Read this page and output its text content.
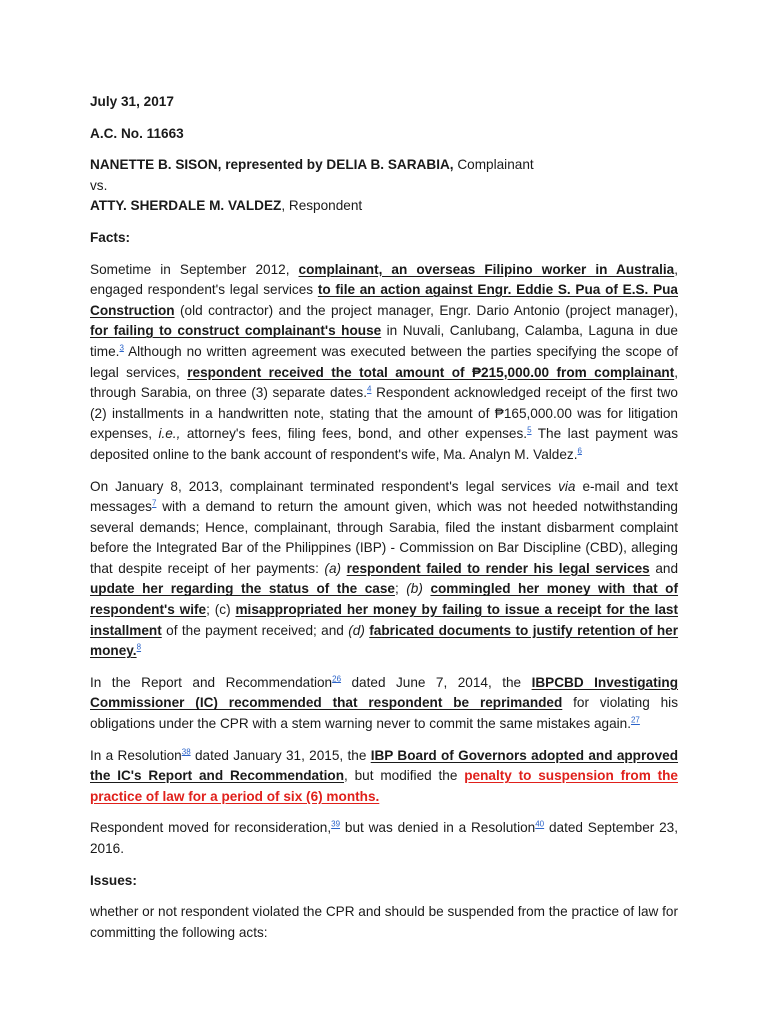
July 31, 2017

A.C. No. 11663

NANETTE B. SISON, represented by DELIA B. SARABIA, Complainant

vs.

ATTY. SHERDALE M. VALDEZ, Respondent

Facts:

Sometime in September 2012, complainant, an overseas Filipino worker in Australia, engaged respondent's legal services to file an action against Engr. Eddie S. Pua of E.S. Pua Construction (old contractor) and the project manager, Engr. Dario Antonio (project manager), for failing to construct complainant's house in Nuvali, Canlubang, Calamba, Laguna in due time.$^3$ Although no written agreement was executed between the parties specifying the scope of legal services, respondent received the total amount of ₱215,000.00 from complainant, through Sarabia, on three (3) separate dates.$^4$ Respondent acknowledged receipt of the first two (2) installments in a handwritten note, stating that the amount of ₱165,000.00 was for litigation expenses, i.e., attorney's fees, filing fees, bond, and other expenses.$^5$ The last payment was deposited online to the bank account of respondent's wife, Ma. Analyn M. Valdez.$^6$

On January 8, 2013, complainant terminated respondent's legal services via e-mail and text messages$^7$ with a demand to return the amount given, which was not heeded notwithstanding several demands; Hence, complainant, through Sarabia, filed the instant disbarment complaint before the Integrated Bar of the Philippines (IBP) - Commission on Bar Discipline (CBD), alleging that despite receipt of her payments: (a) respondent failed to render his legal services and update her regarding the status of the case; (b) commingled her money with that of respondent's wife; (c) misappropriated her money by failing to issue a receipt for the last installment of the payment received; and (d) fabricated documents to justify retention of her money.$^8$

In the Report and Recommendation$^{26}$ dated June 7, 2014, the IBPCBD Investigating Commissioner (IC) recommended that respondent be reprimanded for violating his obligations under the CPR with a stem warning never to commit the same mistakes again.$^{27}$

In a Resolution$^{38}$ dated January 31, 2015, the IBP Board of Governors adopted and approved the IC's Report and Recommendation, but modified the penalty to suspension from the practice of law for a period of six (6) months.

Respondent moved for reconsideration,$^{39}$ but was denied in a Resolution$^{40}$ dated September 23, 2016.

Issues:

whether or not respondent violated the CPR and should be suspended from the practice of law for committing the following acts:
